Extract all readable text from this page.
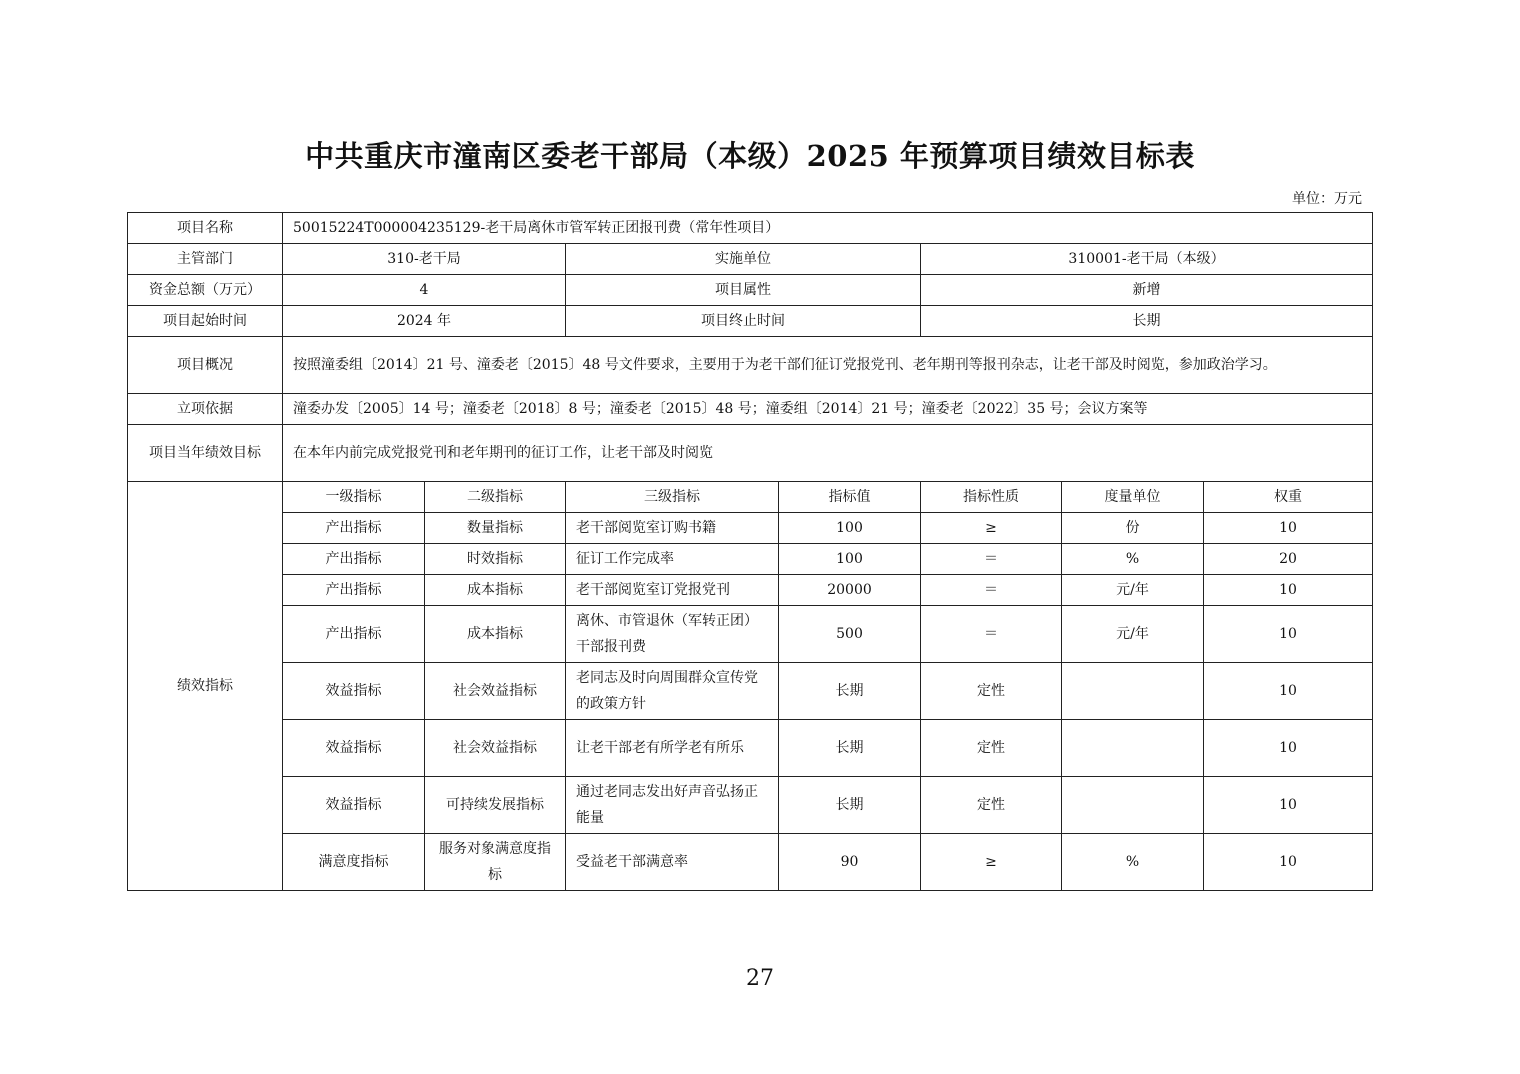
中共重庆市潼南区委老干部局（本级）2025 年预算项目绩效目标表
单位：万元
项目名称	50015224T000004235129-老干局离休市管军转正团报刊费（常年性项目）						
主管部门	310-老干局		实施单位		310001-老干局（本级）		
资金总额（万元）	4		项目属性		新增		
项目起始时间	2024 年		项目终止时间		长期		
项目概况	按照潼委组〔2014〕21 号、潼委老〔2015〕48 号文件要求，主要用于为老干部们征订党报党刊、老年期刊等报刊杂志，让老干部及时阅览，参加政治学习。						
立项依据	潼委办发〔2005〕14 号；潼委老〔2018〕8 号；潼委老〔2015〕48 号；潼委组〔2014〕21 号；潼委老〔2022〕35 号；会议方案等						
项目当年绩效目标	在本年内前完成党报党刊和老年期刊的征订工作，让老干部及时阅览						
绩效指标	一级指标	二级指标	三级指标	指标值	指标性质	度量单位	权重
	产出指标	数量指标	老干部阅览室订购书籍	100	≥	份	10
	产出指标	时效指标	征订工作完成率	100	＝	%	20
	产出指标	成本指标	老干部阅览室订党报党刊	20000	＝	元/年	10
	产出指标	成本指标	离休、市管退休（军转正团）干部报刊费	500	＝	元/年	10
	效益指标	社会效益指标	老同志及时向周围群众宣传党的政策方针	长期	定性		10
	效益指标	社会效益指标	让老干部老有所学老有所乐	长期	定性		10
	效益指标	可持续发展指标	通过老同志发出好声音弘扬正能量	长期	定性		10
	满意度指标	服务对象满意度指标	受益老干部满意率	90	≥	%	10
27
